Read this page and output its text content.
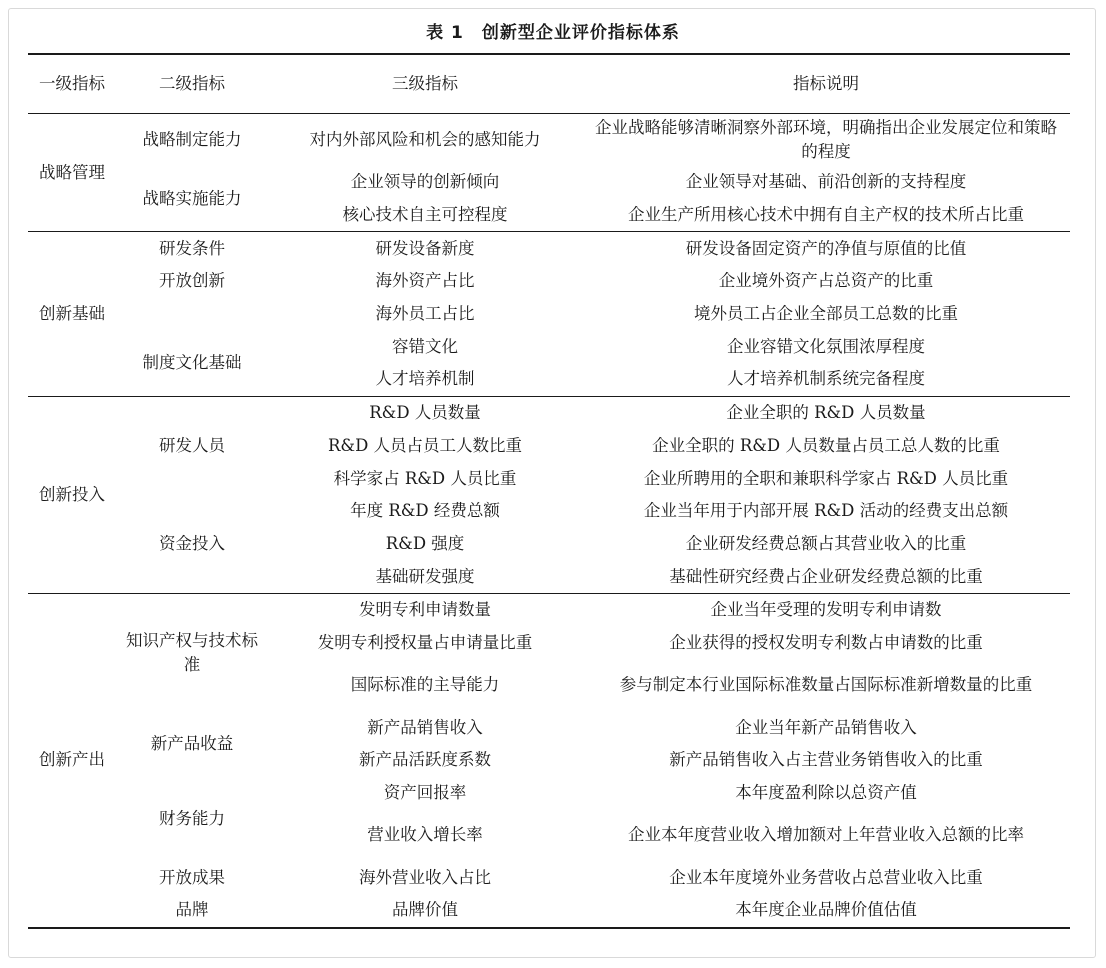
表 1　创新型企业评价指标体系
一级指标	二级指标	三级指标	指标说明
战略管理	战略制定能力	对内外部风险和机会的感知能力	企业战略能够清晰洞察外部环境，明确指出企业发展定位和策略的程度
	战略实施能力	企业领导的创新倾向	企业领导对基础、前沿创新的支持程度
		核心技术自主可控程度	企业生产所用核心技术中拥有自主产权的技术所占比重
创新基础	研发条件	研发设备新度	研发设备固定资产的净值与原值的比值
	开放创新	海外资产占比	企业境外资产占总资产的比重
		海外员工占比	境外员工占企业全部员工总数的比重
	制度文化基础	容错文化	企业容错文化氛围浓厚程度
		人才培养机制	人才培养机制系统完备程度
创新投入	研发人员	R&D 人员数量	企业全职的 R&D 人员数量
		R&D 人员占员工人数比重	企业全职的 R&D 人员数量占员工总人数的比重
		科学家占 R&D 人员比重	企业所聘用的全职和兼职科学家占 R&D 人员比重
	资金投入	年度 R&D 经费总额	企业当年用于内部开展 R&D 活动的经费支出总额
		R&D 强度	企业研发经费总额占其营业收入的比重
		基础研发强度	基础性研究经费占企业研发经费总额的比重
创新产出	知识产权与技术标准	发明专利申请数量	企业当年受理的发明专利申请数
		发明专利授权量占申请量比重	企业获得的授权发明专利数占申请数的比重
		国际标准的主导能力	参与制定本行业国际标准数量占国际标准新增数量的比重
	新产品收益	新产品销售收入	企业当年新产品销售收入
		新产品活跃度系数	新产品销售收入占主营业务销售收入的比重
	财务能力	资产回报率	本年度盈利除以总资产值
		营业收入增长率	企业本年度营业收入增加额对上年营业收入总额的比率
	开放成果	海外营业收入占比	企业本年度境外业务营收占总营业收入比重
	品牌	品牌价值	本年度企业品牌价值估值
